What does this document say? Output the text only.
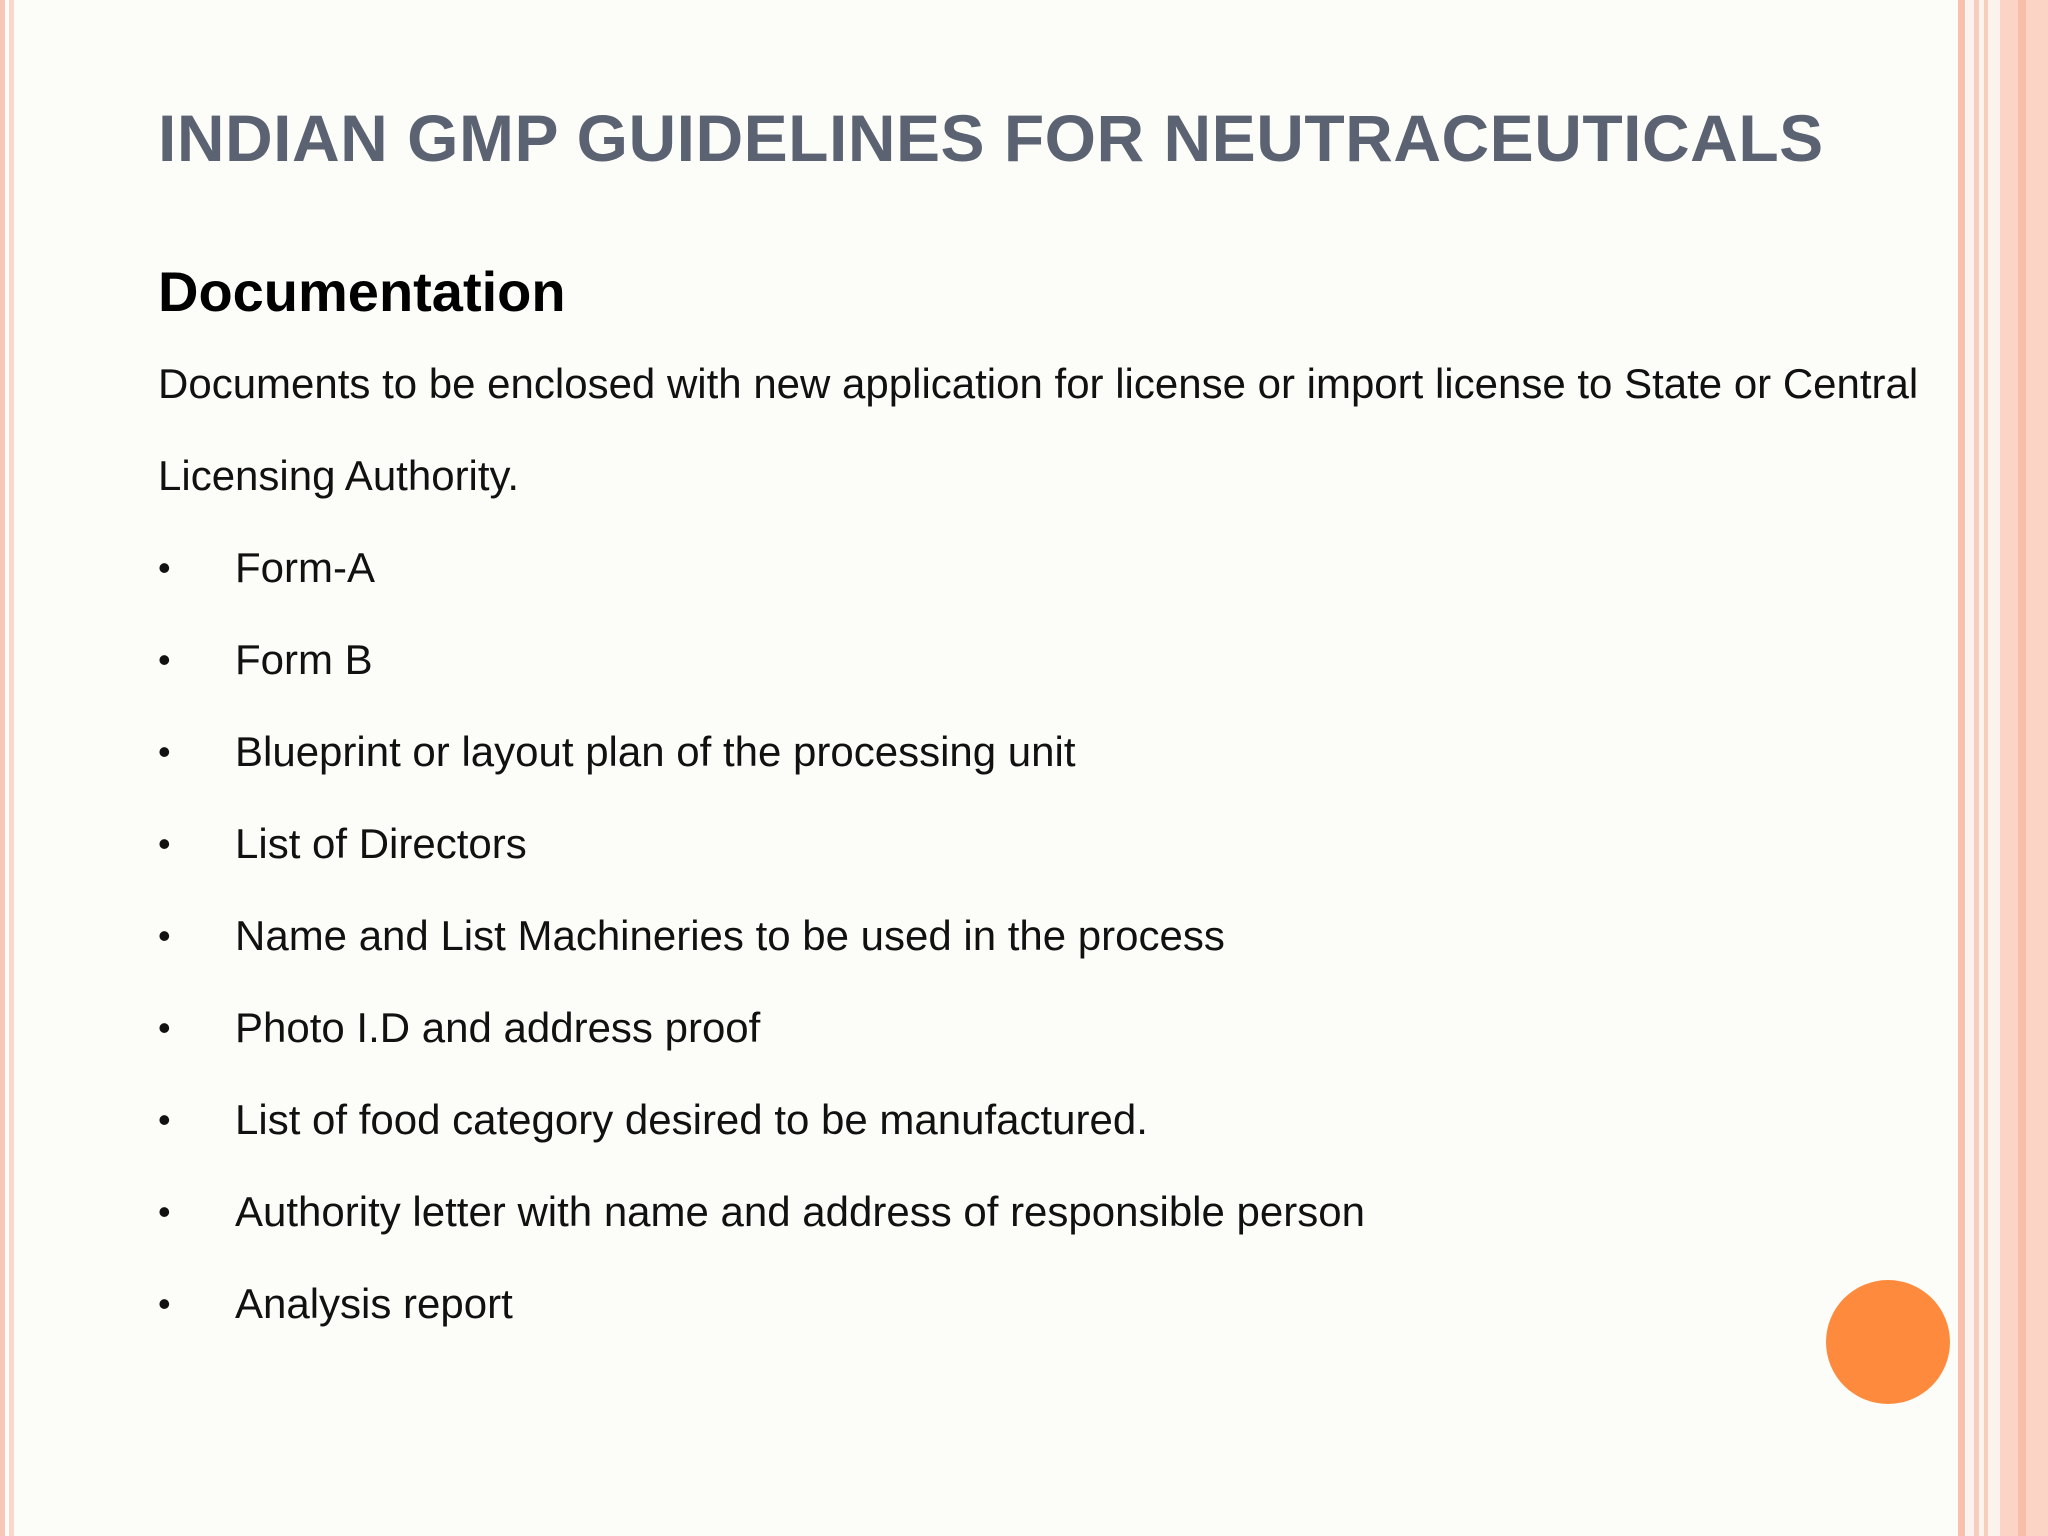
INDIAN GMP GUIDELINES FOR NEUTRACEUTICALS
Documentation

Documents to be enclosed with new application for license or import license to State or Central Licensing Authority.

•	Form-A
•	Form B
•	Blueprint or layout plan of the processing unit
•	List of Directors
•	Name and List Machineries to be used in the process
•	Photo I.D and address proof
•	List of food category desired to be manufactured.
•	Authority letter with name and address of responsible person
•	Analysis report
